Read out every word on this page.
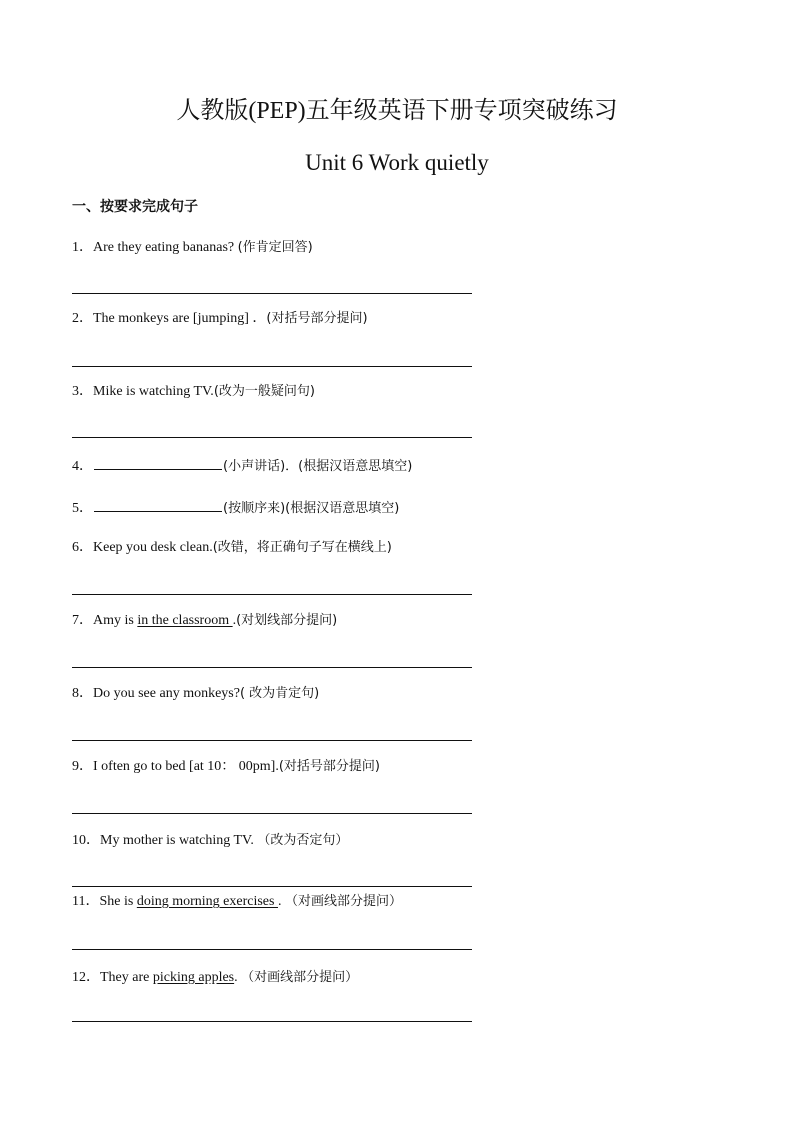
人教版(PEP)五年级英语下册专项突破练习
Unit 6 Work quietly
一、按要求完成句子
1．Are they eating bananas? (作肯定回答)
2．The monkeys are [jumping] ．(对括号部分提问)
3．Mike is watching TV.(改为一般疑问句)
4．	(小声讲话)．(根据汉语意思填空)
5．	(按顺序来)(根据汉语意思填空)
6．Keep you desk clean.(改错，将正确句子写在横线上)
7．Amy is in the classroom .(对划线部分提问)
8．Do you see any monkeys?( 改为肯定句)
9．I often go to bed [at 10： 00pm].(对括号部分提问)
10．My mother is watching TV. （改为否定句）
11．She is doing morning exercises . （对画线部分提问）
12．They are picking apples. （对画线部分提问）
